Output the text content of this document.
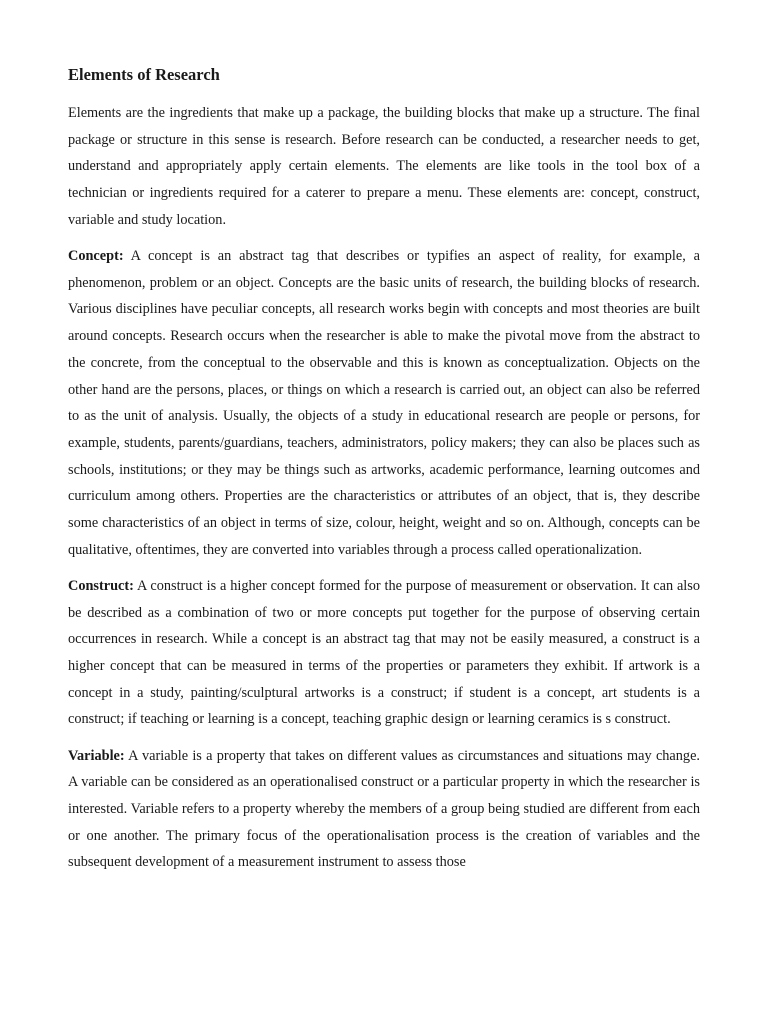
Elements of Research

Elements are the ingredients that make up a package, the building blocks that make up a structure. The final package or structure in this sense is research. Before research can be conducted, a researcher needs to get, understand and appropriately apply certain elements. The elements are like tools in the tool box of a technician or ingredients required for a caterer to prepare a menu. These elements are: concept, construct, variable and study location.

Concept: A concept is an abstract tag that describes or typifies an aspect of reality, for example, a phenomenon, problem or an object. Concepts are the basic units of research, the building blocks of research. Various disciplines have peculiar concepts, all research works begin with concepts and most theories are built around concepts. Research occurs when the researcher is able to make the pivotal move from the abstract to the concrete, from the conceptual to the observable and this is known as conceptualization. Objects on the other hand are the persons, places, or things on which a research is carried out, an object can also be referred to as the unit of analysis. Usually, the objects of a study in educational research are people or persons, for example, students, parents/guardians, teachers, administrators, policy makers; they can also be places such as schools, institutions; or they may be things such as artworks, academic performance, learning outcomes and curriculum among others. Properties are the characteristics or attributes of an object, that is, they describe some characteristics of an object in terms of size, colour, height, weight and so on. Although, concepts can be qualitative, oftentimes, they are converted into variables through a process called operationalization.

Construct: A construct is a higher concept formed for the purpose of measurement or observation. It can also be described as a combination of two or more concepts put together for the purpose of observing certain occurrences in research. While a concept is an abstract tag that may not be easily measured, a construct is a higher concept that can be measured in terms of the properties or parameters they exhibit. If artwork is a concept in a study, painting/sculptural artworks is a construct; if student is a concept, art students is a construct; if teaching or learning is a concept, teaching graphic design or learning ceramics is s construct.

Variable: A variable is a property that takes on different values as circumstances and situations may change. A variable can be considered as an operationalised construct or a particular property in which the researcher is interested. Variable refers to a property whereby the members of a group being studied are different from each or one another. The primary focus of the operationalisation process is the creation of variables and the subsequent development of a measurement instrument to assess those
